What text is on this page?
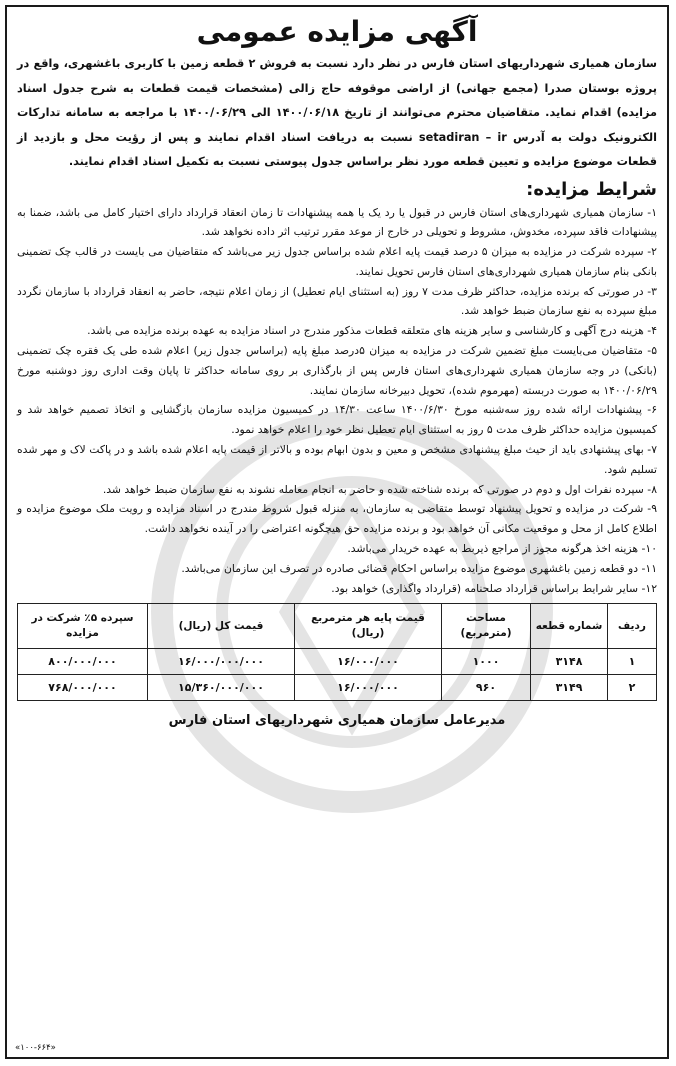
آگهی مزایده عمومی

سازمان همیاری شهرداریهای استان فارس در نظر دارد نسبت به فروش ۲ قطعه زمین با کاربری باغشهری، واقع در پروژه بوستان صدرا (مجمع جهانی) از اراضی موقوفه حاج زالی (مشخصات قیمت قطعات به شرح جدول اسناد مزایده) اقدام نماید. متقاضیان محترم می‌توانند از تاریخ ۱۴۰۰/۰۶/۱۸ الی ۱۴۰۰/۰۶/۲۹ با مراجعه به سامانه تدارکات الکترونیک دولت به آدرس setadiran – ir نسبت به دریافت اسناد اقدام نمایند و پس از رؤیت محل و بازدید از قطعات موضوع مزایده و تعیین قطعه مورد نظر براساس جدول پیوستی نسبت به تکمیل اسناد اقدام نمایند.

شرایط مزایده:
۱- سازمان همیاری شهرداری‌های استان فارس در قبول یا رد یک یا همه پیشنهادات تا زمان انعقاد قرارداد دارای اختیار کامل می باشد، ضمنا به پیشنهادات فاقد سپرده، مخدوش، مشروط و تحویلی در خارج از موعد مقرر ترتیب اثر داده نخواهد شد.
۲- سپرده شرکت در مزایده به میزان ۵ درصد قیمت پایه اعلام شده براساس جدول زیر می‌باشد که متقاضیان می بایست در قالب چک تضمینی بانکی بنام سازمان همیاری شهرداری‌های استان فارس تحویل نمایند.
۳- در صورتی که برنده مزایده، حداکثر ظرف مدت ۷ روز (به استثنای ایام تعطیل) از زمان اعلام نتیجه، حاضر به انعقاد قرارداد با سازمان نگردد مبلغ سپرده به نفع سازمان ضبط خواهد شد.
۴- هزینه درج آگهی و کارشناسی و سایر هزینه های متعلقه قطعات مذکور مندرج در اسناد مزایده به عهده برنده مزایده می باشد.
۵- متقاضیان می‌بایست مبلغ تضمین شرکت در مزایده به میزان ۵درصد مبلغ پایه (براساس جدول زیر) اعلام شده طی یک فقره چک تضمینی (بانکی) در وجه سازمان همیاری شهرداری‌های استان فارس پس از بارگذاری بر روی سامانه حداکثر تا پایان وقت اداری روز دوشنبه مورخ ۱۴۰۰/۰۶/۲۹ به صورت دربسته (مهرموم شده)، تحویل دبیرخانه سازمان نمایند.
۶- پیشنهادات ارائه شده روز سه‌شنبه مورخ ۱۴۰۰/۶/۳۰ ساعت ۱۴/۳۰ در کمیسیون مزایده سازمان بازگشایی و اتخاذ تصمیم خواهد شد و کمیسیون مزایده حداکثر ظرف مدت ۵ روز به استثنای ایام تعطیل نظر خود را اعلام خواهد نمود.
۷- بهای پیشنهادی باید از حیث مبلغ پیشنهادی مشخص و معین و بدون ابهام بوده و بالاتر از قیمت پایه اعلام شده باشد و در پاکت لاک و مهر شده تسلیم شود.
۸- سپرده نفرات اول و دوم در صورتی که برنده شناخته شده و حاضر به انجام معامله نشوند به نفع سازمان ضبط خواهد شد.
۹- شرکت در مزایده و تحویل پیشنهاد توسط متقاضی به سازمان، به منزله قبول شروط مندرج در اسناد مزایده و رویت ملک موضوع مزایده و اطلاع کامل از محل و موقعیت مکانی آن خواهد بود و برنده مزایده حق هیچگونه اعتراضی را در آینده نخواهد داشت.
۱۰- هزینه اخذ هرگونه مجوز از مراجع ذیربط به عهده خریدار می‌باشد.
۱۱- دو قطعه زمین باغشهری موضوع مزایده براساس احکام قضائی صادره در تصرف این سازمان می‌باشد.
۱۲- سایر شرایط براساس قرارداد صلحنامه (قرارداد واگذاری) خواهد بود.
ردیف	شماره قطعه	مساحت (مترمربع)	قیمت پایه هر مترمربع (ریال)	قیمت کل (ریال)	سپرده ۵٪ شرکت در مزایده
۱	۳۱۴۸	۱۰۰۰	۱۶/۰۰۰/۰۰۰	۱۶/۰۰۰/۰۰۰/۰۰۰	۸۰۰/۰۰۰/۰۰۰
۲	۳۱۴۹	۹۶۰	۱۶/۰۰۰/۰۰۰	۱۵/۳۶۰/۰۰۰/۰۰۰	۷۶۸/۰۰۰/۰۰۰
مدیرعامل سازمان همیاری شهرداریهای استان فارس
«۱۰۰-۶۶۴»
